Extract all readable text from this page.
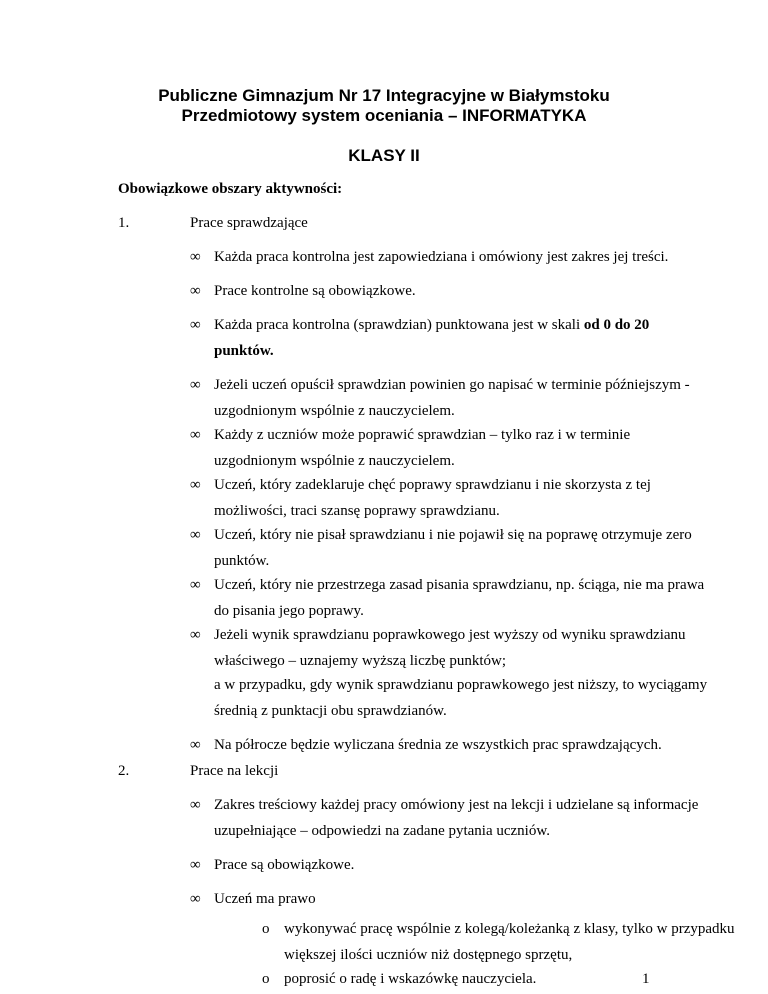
Publiczne Gimnazjum Nr 17 Integracyjne w Białymstoku
Przedmiotowy system oceniania – INFORMATYKA
KLASY II
Obowiązkowe obszary aktywności:
1.	Prace sprawdzające
∞ Każda praca kontrolna jest zapowiedziana i omówiony jest zakres jej treści.
∞ Prace kontrolne są obowiązkowe.
∞ Każda praca kontrolna (sprawdzian) punktowana jest w skali od 0 do 20
punktów.
∞ Jeżeli uczeń opuścił sprawdzian powinien go napisać w terminie późniejszym -
uzgodnionym wspólnie z nauczycielem.
∞ Każdy z uczniów może poprawić sprawdzian – tylko raz i w terminie
uzgodnionym wspólnie z nauczycielem.
∞ Uczeń, który zadeklaruje chęć poprawy sprawdzianu i nie skorzysta z tej
możliwości, traci szansę poprawy sprawdzianu.
∞ Uczeń, który nie pisał sprawdzianu i nie pojawił się na poprawę otrzymuje zero
punktów.
∞ Uczeń, który nie przestrzega zasad pisania sprawdzianu, np. ściąga, nie ma prawa
do pisania jego poprawy.
∞ Jeżeli wynik sprawdzianu poprawkowego jest wyższy od wyniku sprawdzianu
właściwego – uznajemy wyższą liczbę punktów;
a w przypadku, gdy wynik sprawdzianu poprawkowego jest niższy, to wyciągamy
średnią z punktacji obu sprawdzianów.
∞ Na półrocze będzie wyliczana średnia ze wszystkich prac sprawdzających.
2.	Prace na lekcji
∞ Zakres treściowy każdej pracy omówiony jest na lekcji i udzielane są informacje
uzupełniające – odpowiedzi na zadane pytania uczniów.
∞ Prace są obowiązkowe.
∞ Uczeń ma prawo
o wykonywać pracę wspólnie z kolegą/koleżanką z klasy, tylko w przypadku
większej ilości uczniów niż dostępnego sprzętu,
o poprosić o radę i wskazówkę nauczyciela.	1
